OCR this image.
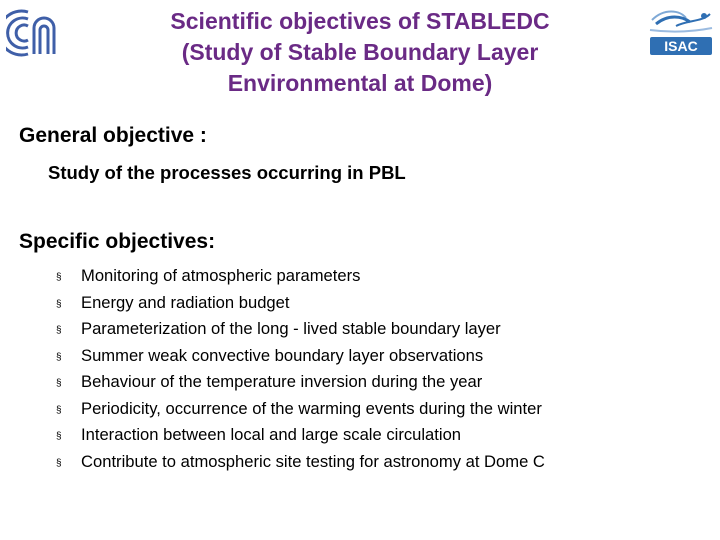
ISAC
Scientific objectives of STABLEDC
(Study of Stable Boundary Layer
Environmental at Dome)
General objective :
Study of the processes occurring in PBL
Specific objectives:
§ Monitoring of atmospheric parameters
§ Energy and radiation budget
§ Parameterization of the long - lived stable boundary layer
§ Summer weak convective boundary layer observations
§ Behaviour of the temperature inversion during the year
§ Periodicity, occurrence of the warming events during the winter
§ Interaction between local and large scale circulation
§ Contribute to atmospheric site testing for astronomy at Dome C
